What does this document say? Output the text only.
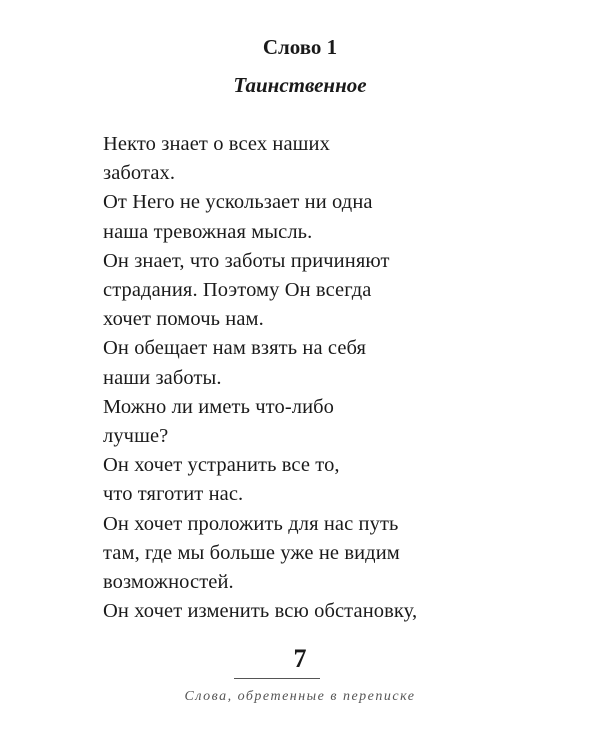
Слово 1
Таинственное
Некто знает о всех наших
заботах.
От Него не ускользает ни одна
наша тревожная мысль.
Он знает, что заботы причиняют
страдания. Поэтому Он всегда
хочет помочь нам.
Он обещает нам взять на себя
наши заботы.
Можно ли иметь что-либо
лучше?
Он хочет устранить все то,
что тяготит нас.
Он хочет проложить для нас путь
там, где мы больше уже не видим
возможностей.
Он хочет изменить всю обстановку,
7
Слова, обретенные в переписке
